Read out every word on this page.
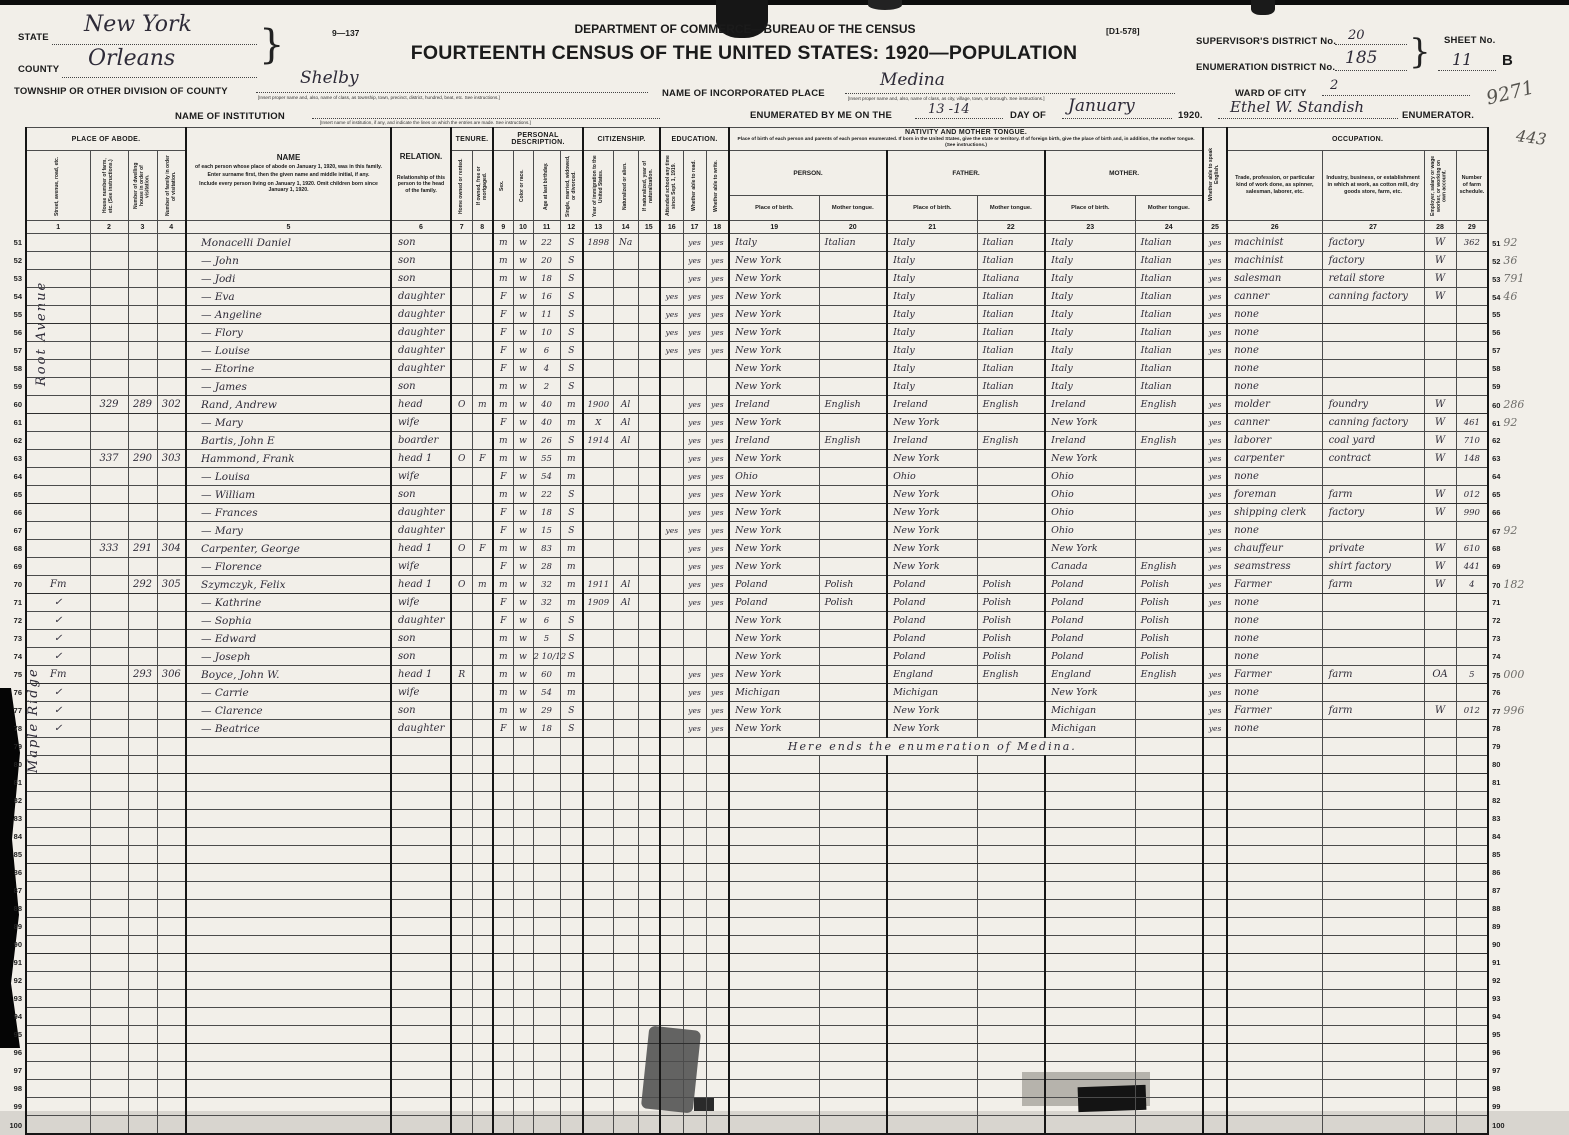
STATE
New York
COUNTY Orleans }	9—137	DEPARTMENT OF COMMERCE—BUREAU OF THE CENSUS
FOURTEENTH CENSUS OF THE UNITED STATES: 1920—POPULATION
[D1-578]
SUPERVISOR'S DISTRICT No. 20
ENUMERATION DISTRICT No. 185 } SHEET No.
11 B
TOWNSHIP OR OTHER DIVISION OF COUNTY
Shelby
[Insert proper name and, also, name of class, as township, town, precinct, district, hundred, beat, etc. See instructions.]	NAME OF INCORPORATED PLACE
Medina
[Insert proper name and, also, name of class, as city, village, town, or borough. See instructions.]	WARD OF CITY
2
NAME OF INSTITUTION
[Insert name of institution, if any, and indicate the lines on which the entries are made. See instructions.]
ENUMERATED BY ME ON THE	13 -14	DAY OF January	1920. Ethel W. Standish	ENUMERATOR.
9271
443
Root Avenue
Maple Ridge
	PLACE OF ABODE.	
NAME
of each person whose place of abode on January 1, 1920, was in this family.
Enter surname first, then the given name and middle initial, if any.
Include every person living on January 1, 1920. Omit children born since January 1, 1920.

RELATION.
Relationship of this person to the head of the family.
	TENURE.	PERSONAL DESCRIPTION.	CITIZENSHIP.	EDUCATION.	
NATIVITY AND MOTHER TONGUE.
Place of birth of each person and parents of each person enumerated. If born in the United States, give the state or territory. If of foreign birth, give the place of birth and, in addition, the mother tongue. (See instructions.)

Whether able to speak English.
	OCCUPATION.	

	Street, avenue, road, etc.	House number of farm, etc. (See instructions.)	Number of dwelling house in order of visitation.	Number of family in order of visitation.			Home owned or rented.	If owned, free or mortgaged.	Sex.	Color or race.	Age at last birthday.	Single, married, widowed, or divorced.	Year of immigration to the United States.	Naturalized or alien.	If naturalized, year of naturalization.	Attended school any time since Sept. 1, 1919.	Whether able to read.	Whether able to write.	PERSON.		FATHER.		MOTHER.			Trade, profession, or particular kind of work done, as spinner, salesman, laborer, etc.	Industry, business, or establishment in which at work, as cotton mill, dry goods store, farm, etc.	Employer, salary or wage worker, or working on own account.	Number of farm schedule.	
																			Place of birth.	Mother tongue.	Place of birth.	Mother tongue.	Place of birth.	Mother tongue.						
	1	2	3	4	5	6	7	8	9	10	11	12	13	14	15	16	17	18	19	20	21	22	23	24	25	26	27	28	29	
51					Monacelli Daniel	son			m	w	22	S	1898	Na			yes	yes	Italy	Italian	Italy	Italian	Italy	Italian	yes	machinist	factory	W	362	51 92
52					— John	son			m	w	20	S					yes	yes	New York		Italy	Italian	Italy	Italian	yes	machinist	factory	W		52 36
53					— Jodi	son			m	w	18	S					yes	yes	New York		Italy	Italiana	Italy	Italian	yes	salesman	retail store	W		53 791
54					— Eva	daughter			F	w	16	S				yes	yes	yes	New York		Italy	Italian	Italy	Italian	yes	canner	canning factory	W		54 46
55					— Angeline	daughter			F	w	11	S				yes	yes	yes	New York		Italy	Italian	Italy	Italian	yes	none				55
56					— Flory	daughter			F	w	10	S				yes	yes	yes	New York		Italy	Italian	Italy	Italian	yes	none				56
57					— Louise	daughter			F	w	6	S				yes	yes	yes	New York		Italy	Italian	Italy	Italian	yes	none				57
58					— Etorine	daughter			F	w	4	S							New York		Italy	Italian	Italy	Italian		none				58
59					— James	son			m	w	2	S							New York		Italy	Italian	Italy	Italian		none				59
60		329	289	302	Rand, Andrew	head	O	m	m	w	40	m	1900	Al			yes	yes	Ireland	English	Ireland	English	Ireland	English	yes	molder	foundry	W		60 286
61					— Mary	wife			F	w	40	m	X	Al			yes	yes	New York		New York		New York		yes	canner	canning factory	W	461	61 92
62					Bartis, John E	boarder			m	w	26	S	1914	Al			yes	yes	Ireland	English	Ireland	English	Ireland	English	yes	laborer	coal yard	W	710	62
63		337	290	303	Hammond, Frank	head 1	O	F	m	w	55	m					yes	yes	New York		New York		New York		yes	carpenter	contract	W	148	63
64					— Louisa	wife			F	w	54	m					yes	yes	Ohio		Ohio		Ohio		yes	none				64
65					— William	son			m	w	22	S					yes	yes	New York		New York		Ohio		yes	foreman	farm	W	012	65
66					— Frances	daughter			F	w	18	S					yes	yes	New York		New York		Ohio		yes	shipping clerk	factory	W	990	66
67					— Mary	daughter			F	w	15	S				yes	yes	yes	New York		New York		Ohio		yes	none				67 92
68		333	291	304	Carpenter, George	head 1	O	F	m	w	83	m					yes	yes	New York		New York		New York		yes	chauffeur	private	W	610	68
69					— Florence	wife			F	w	28	m					yes	yes	New York		New York		Canada	English	yes	seamstress	shirt factory	W	441	69
70	Fm		292	305	Szymczyk, Felix	head 1	O	m	m	w	32	m	1911	Al			yes	yes	Poland	Polish	Poland	Polish	Poland	Polish	yes	Farmer	farm	W	4	70 182
71	✓				— Kathrine	wife			F	w	32	m	1909	Al			yes	yes	Poland	Polish	Poland	Polish	Poland	Polish	yes	none				71
72	✓				— Sophia	daughter			F	w	6	S							New York		Poland	Polish	Poland	Polish		none				72
73	✓				— Edward	son			m	w	5	S							New York		Poland	Polish	Poland	Polish		none				73
74	✓				— Joseph	son			m	w	2 10/12	S							New York		Poland	Polish	Poland	Polish		none				74
75	Fm		293	306	Boyce, John W.	head 1	R		m	w	60	m					yes	yes	New York		England	English	England	English	yes	Farmer	farm	OA	5	75 000
76	✓				— Carrie	wife			m	w	54	m					yes	yes	Michigan		Michigan		New York		yes	none				76
77	✓				— Clarence	son			m	w	29	S					yes	yes	New York		New York		Michigan		yes	Farmer	farm	W	012	77 996
78	✓				— Beatrice	daughter			F	w	18	S					yes	yes	New York		New York		Michigan		yes	none				78
79																			Here ends the enumeration of Medina.											79
80																														80
81																														81
82																														82
83																														83
84																														84
85																														85
86																														86
87																														87
88																														88
89																														89
90																														90
91																														91
92																														92
93																														93
94																														94
95																														95
96																														96
97																														97
98																														98
99																														99
100																														100
